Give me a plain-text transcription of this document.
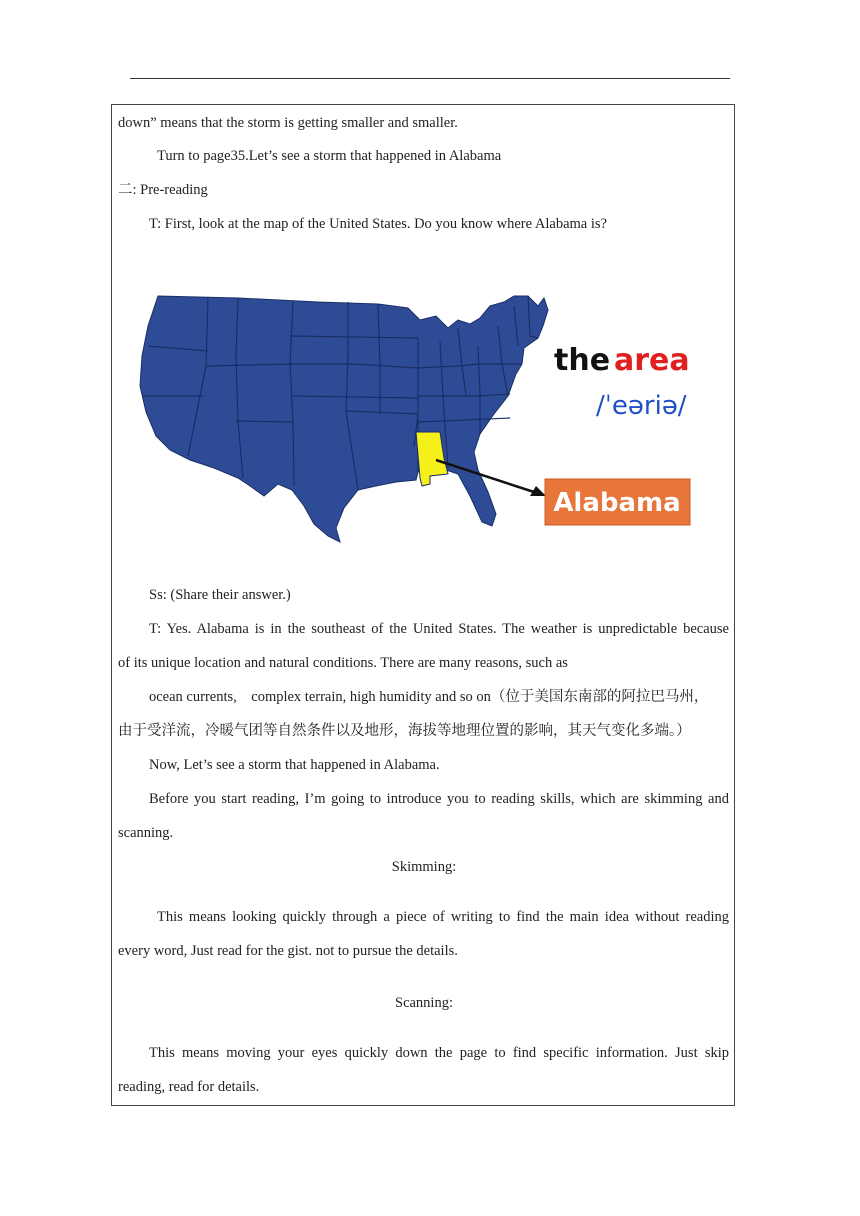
down” means that the storm is getting smaller and smaller.
Turn to page35.Let’s see a storm that happened in Alabama
二: Pre-reading
T: First, look at the map of the United States. Do you know where Alabama is?
the area
/ˈeəriə/
Alabama
Ss: (Share their answer.)
T: Yes. Alabama is in the southeast of the United States. The weather is unpredictable because
of its unique location and natural conditions. There are many reasons, such as
ocean currents,　complex terrain, high humidity and so on（位于美国东南部的阿拉巴马州，
由于受洋流，冷暖气团等自然条件以及地形，海拔等地理位置的影响，其天气变化多端。）
Now, Let’s see a storm that happened in Alabama.
Before you start reading, I’m going to introduce you to reading skills, which are skimming and
scanning.
Skimming:
This means looking quickly through a piece of writing to find the main idea without reading
every word, Just read for the gist. not to pursue the details.
Scanning:
This means moving your eyes quickly down the page to find specific information. Just skip
reading, read for details.
